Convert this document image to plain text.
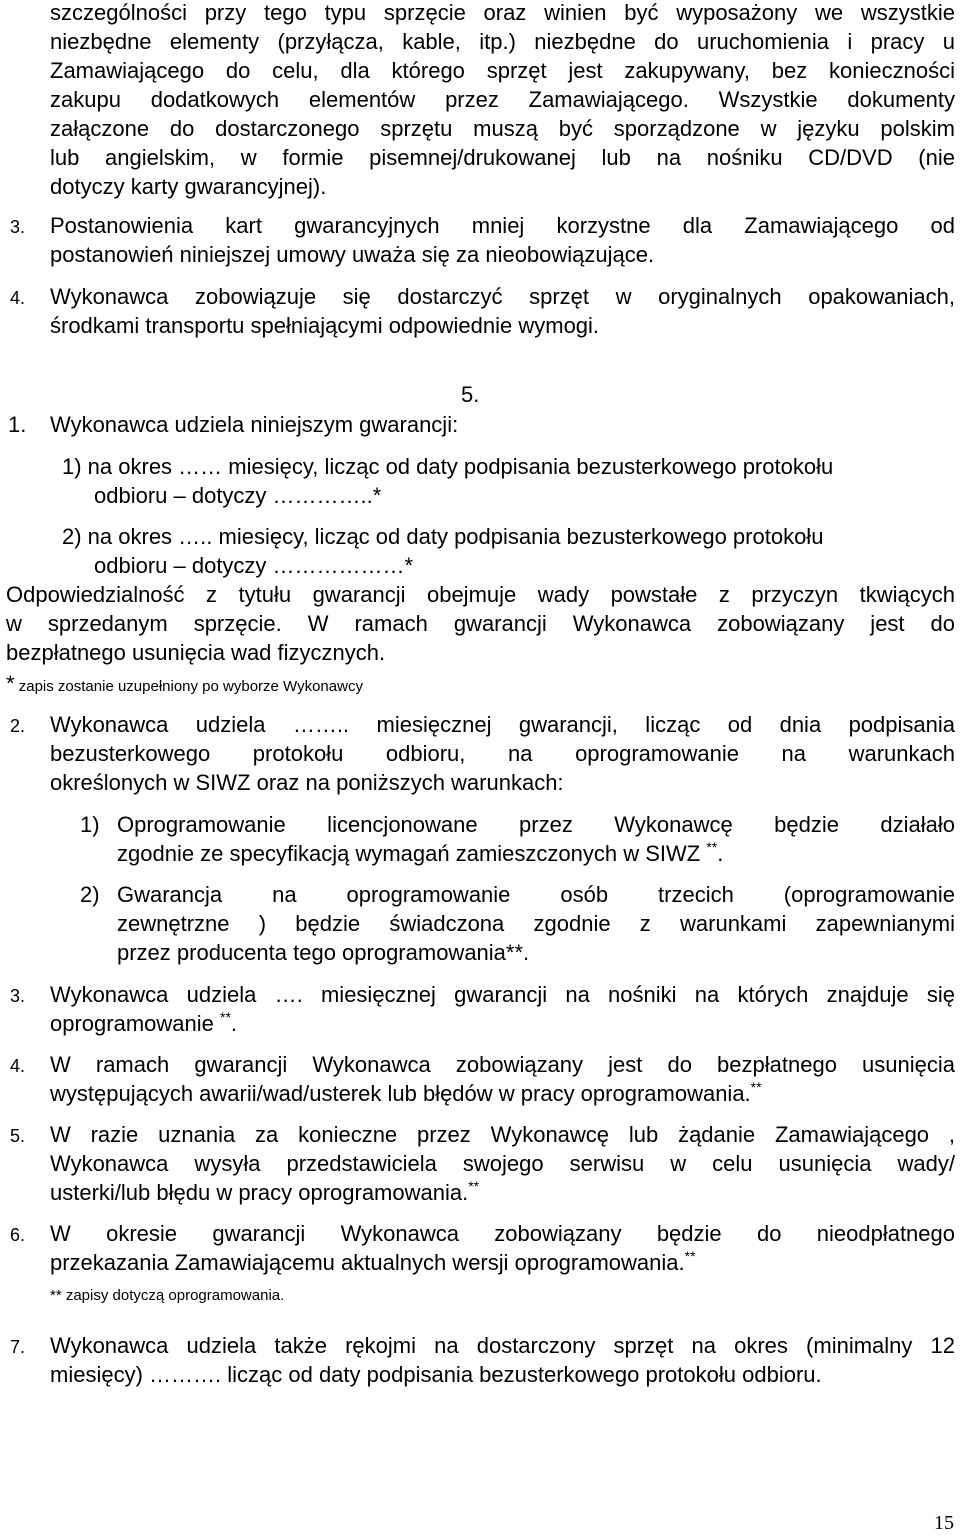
szczególności przy tego typu sprzęcie oraz winien być wyposażony we wszystkie
niezbędne elementy (przyłącza, kable, itp.) niezbędne do uruchomienia i pracy u
Zamawiającego do celu, dla którego sprzęt jest zakupywany, bez konieczności
zakupu dodatkowych elementów przez Zamawiającego. Wszystkie dokumenty
załączone do dostarczonego sprzętu muszą być sporządzone w języku polskim
lub angielskim, w formie pisemnej/drukowanej lub na nośniku CD/DVD (nie
dotyczy karty gwarancyjnej).
3. Postanowienia kart gwarancyjnych mniej korzystne dla Zamawiającego od
postanowień niniejszej umowy uważa się za nieobowiązujące.
4. Wykonawca zobowiązuje się dostarczyć sprzęt w oryginalnych opakowaniach,
środkami transportu spełniającymi odpowiednie wymogi.
5.
1. Wykonawca udziela niniejszym gwarancji:
1) na okres …… miesięcy, licząc od daty podpisania bezusterkowego protokołu
odbioru – dotyczy …………..*
2) na okres ….. miesięcy, licząc od daty podpisania bezusterkowego protokołu
odbioru – dotyczy ………………*
Odpowiedzialność z tytułu gwarancji obejmuje wady powstałe z przyczyn tkwiących
w sprzedanym sprzęcie. W ramach gwarancji Wykonawca zobowiązany jest do
bezpłatnego usunięcia wad fizycznych.
* zapis zostanie uzupełniony po wyborze Wykonawcy
2. Wykonawca udziela …….. miesięcznej gwarancji, licząc od dnia podpisania
bezusterkowego protokołu odbioru, na oprogramowanie na warunkach
określonych w SIWZ oraz na poniższych warunkach:
1) Oprogramowanie licencjonowane przez Wykonawcę będzie działało
zgodnie ze specyfikacją wymagań zamieszczonych w SIWZ **.
2) Gwarancja na oprogramowanie osób trzecich (oprogramowanie
zewnętrzne ) będzie świadczona zgodnie z warunkami zapewnianymi
przez producenta tego oprogramowania**.
3. Wykonawca udziela …. miesięcznej gwarancji na nośniki na których znajduje się
oprogramowanie **.
4. W ramach gwarancji Wykonawca zobowiązany jest do bezpłatnego usunięcia
występujących awarii/wad/usterek lub błędów w pracy oprogramowania.**
5. W razie uznania za konieczne przez Wykonawcę lub żądanie Zamawiającego ,
Wykonawca wysyła przedstawiciela swojego serwisu w celu usunięcia wady/
usterki/lub błędu w pracy oprogramowania.**
6. W okresie gwarancji Wykonawca zobowiązany będzie do nieodpłatnego
przekazania Zamawiającemu aktualnych wersji oprogramowania.**
** zapisy dotyczą oprogramowania.
7. Wykonawca udziela także rękojmi na dostarczony sprzęt na okres (minimalny 12
miesięcy) ………. licząc od daty podpisania bezusterkowego protokołu odbioru.
15
